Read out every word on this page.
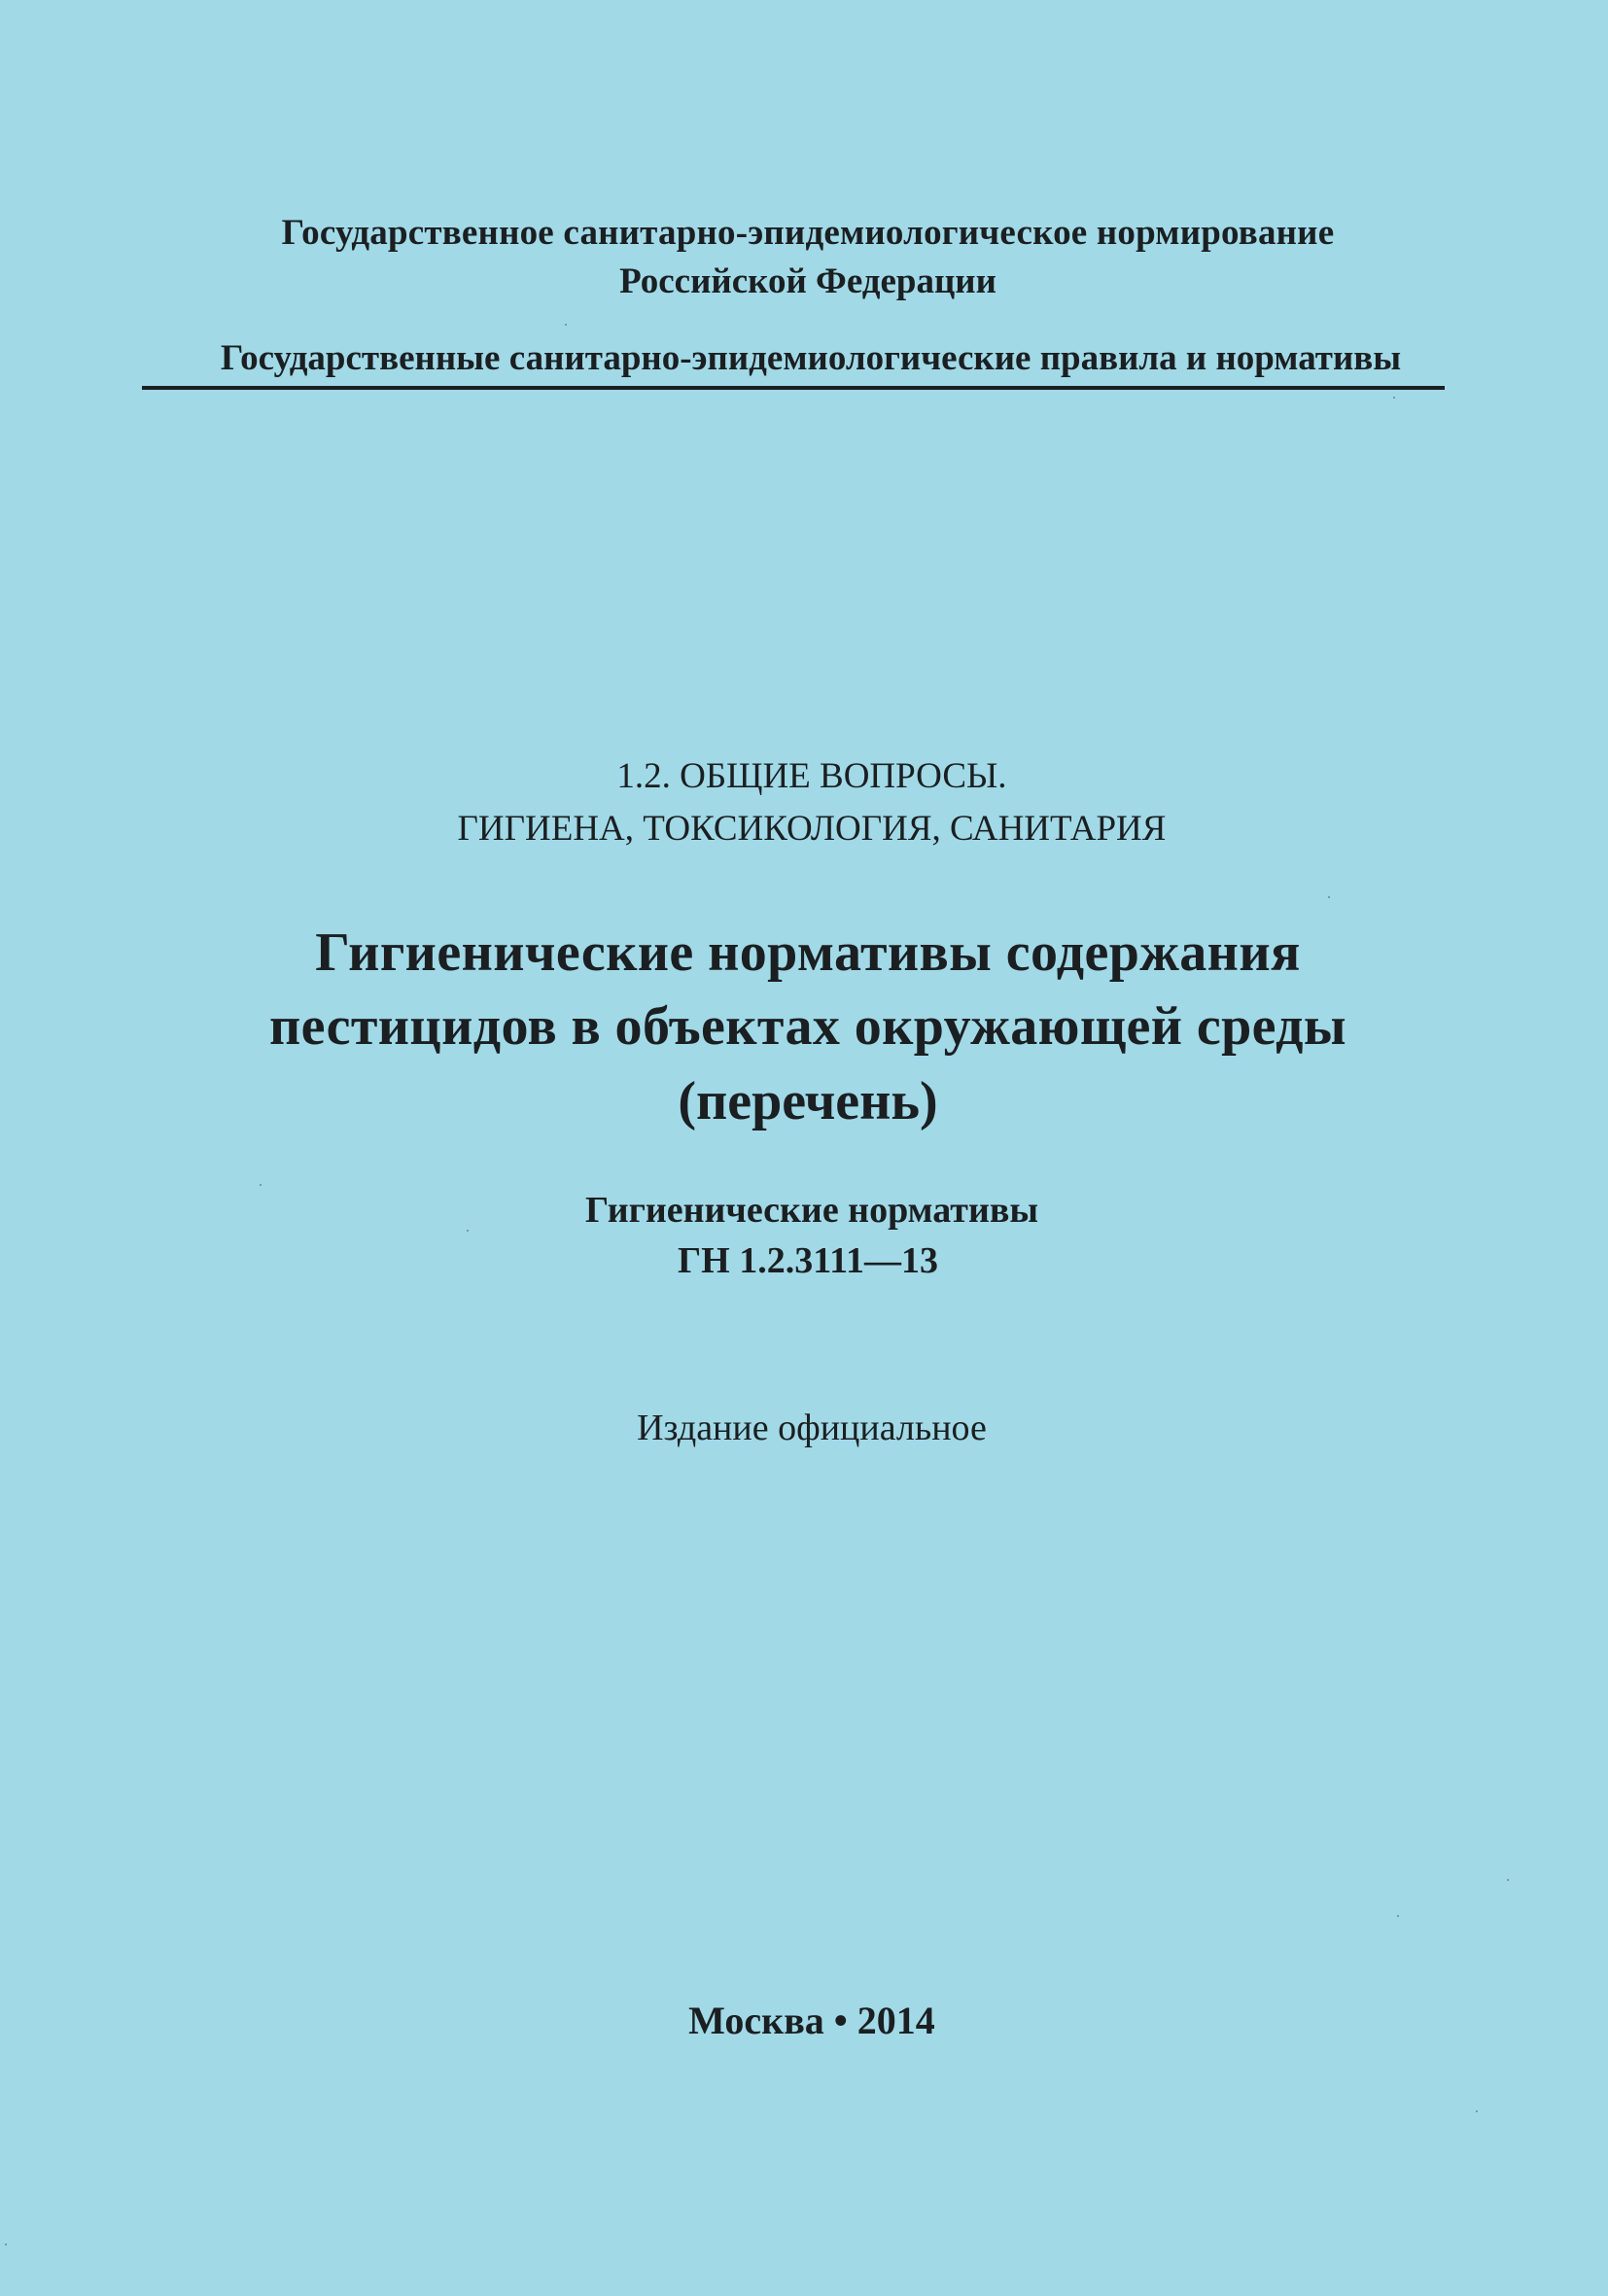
Государственное санитарно-эпидемиологическое нормирование
Российской Федерации
Государственные санитарно-эпидемиологические правила и нормативы
1.2. ОБЩИЕ ВОПРОСЫ.
ГИГИЕНА, ТОКСИКОЛОГИЯ, САНИТАРИЯ
Гигиенические нормативы содержания
пестицидов в объектах окружающей среды
(перечень)
Гигиенические нормативы
ГН 1.2.3111—13
Издание официальное
Москва • 2014
